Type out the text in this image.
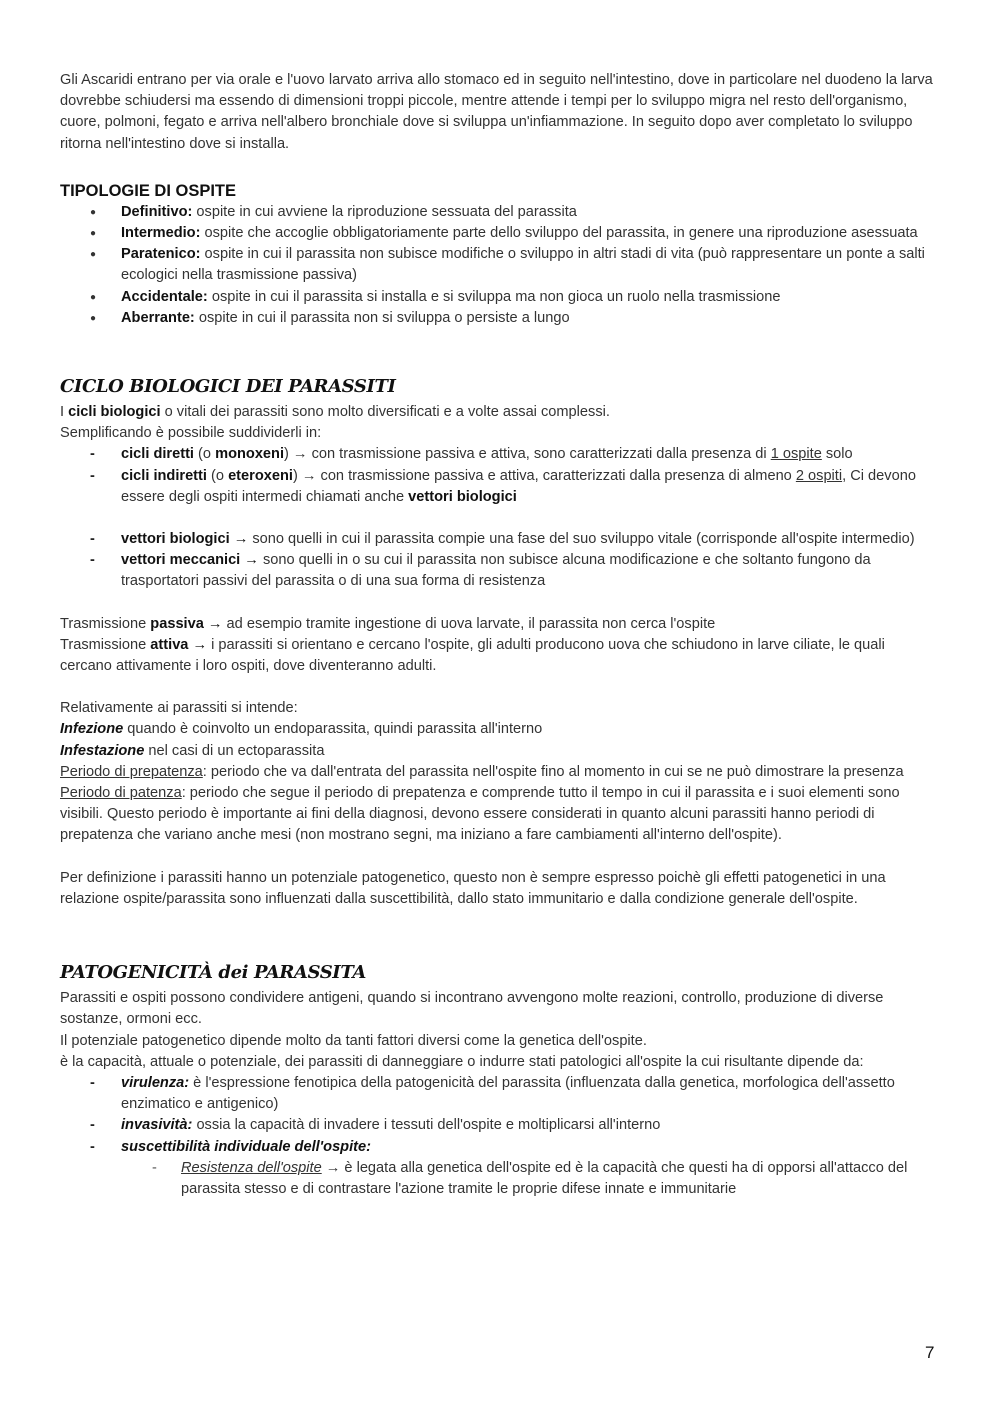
Gli Ascaridi entrano per via orale e l'uovo larvato arriva allo stomaco ed in seguito nell'intestino, dove in particolare nel duodeno la larva dovrebbe schiudersi ma essendo di dimensioni troppi piccole, mentre attende i tempi per lo sviluppo migra nel resto dell'organismo, cuore, polmoni, fegato e arriva nell'albero bronchiale dove si sviluppa un'infiammazione. In seguito dopo aver completato lo sviluppo ritorna nell'intestino dove si installa.

TIPOLOGIE DI OSPITE
● Definitivo: ospite in cui avviene la riproduzione sessuata del parassita
● Intermedio: ospite che accoglie obbligatoriamente parte dello sviluppo del parassita, in genere una riproduzione asessuata
● Paratenico: ospite in cui il parassita non subisce modifiche o sviluppo in altri stadi di vita (può rappresentare un ponte a salti ecologici nella trasmissione passiva)
● Accidentale: ospite in cui il parassita si installa e si sviluppa ma non gioca un ruolo nella trasmissione
● Aberrante: ospite in cui il parassita non si sviluppa o persiste a lungo
CICLO BIOLOGICI DEI PARASSITI

I cicli biologici o vitali dei parassiti sono molto diversificati e a volte assai complessi.

Semplificando è possibile suddividerli in:

- cicli diretti (o monoxeni) → con trasmissione passiva e attiva, sono caratterizzati dalla presenza di 1 ospite solo
- cicli indiretti (o eteroxeni) → con trasmissione passiva e attiva, caratterizzati dalla presenza di almeno 2 ospiti, Ci devono essere degli ospiti intermedi chiamati anche vettori biologici
- vettori biologici → sono quelli in cui il parassita compie una fase del suo sviluppo vitale (corrisponde all'ospite intermedio)
- vettori meccanici → sono quelli in o su cui il parassita non subisce alcuna modificazione e che soltanto fungono da trasportatori passivi del parassita o di una sua forma di resistenza

Trasmissione passiva → ad esempio tramite ingestione di uova larvate, il parassita non cerca l'ospite

Trasmissione attiva → i parassiti si orientano e cercano l'ospite, gli adulti producono uova che schiudono in larve ciliate, le quali cercano attivamente i loro ospiti, dove diventeranno adulti.

Relativamente ai parassiti si intende:

Infezione quando è coinvolto un endoparassita, quindi parassita all'interno

Infestazione nel casi di un ectoparassita

Periodo di prepatenza: periodo che va dall'entrata del parassita nell'ospite fino al momento in cui se ne può dimostrare la presenza

Periodo di patenza: periodo che segue il periodo di prepatenza e comprende tutto il tempo in cui il parassita e i suoi elementi sono visibili. Questo periodo è importante ai fini della diagnosi, devono essere considerati in quanto alcuni parassiti hanno periodi di prepatenza che variano anche mesi (non mostrano segni, ma iniziano a fare cambiamenti all'interno dell'ospite).

Per definizione i parassiti hanno un potenziale patogenetico, questo non è sempre espresso poichè gli effetti patogenetici in una relazione ospite/parassita sono influenzati dalla suscettibilità, dallo stato immunitario e dalla condizione generale dell'ospite.

PATOGENICITÀ dei PARASSITA

Parassiti e ospiti possono condividere antigeni, quando si incontrano avvengono molte reazioni, controllo, produzione di diverse sostanze, ormoni ecc.

Il potenziale patogenetico dipende molto da tanti fattori diversi come la genetica dell'ospite.

è la capacità, attuale o potenziale, dei parassiti di danneggiare o indurre stati patologici all'ospite la cui risultante dipende da:

- virulenza: è l'espressione fenotipica della patogenicità del parassita (influenzata dalla genetica, morfologica dell'assetto enzimatico e antigenico)
- invasività: ossia la capacità di invadere i tessuti dell'ospite e moltiplicarsi all'interno
- suscettibilità individuale dell'ospite:
- Resistenza dell'ospite → è legata alla genetica dell'ospite ed è la capacità che questi ha di opporsi all'attacco del parassita stesso e di contrastare l'azione tramite le proprie difese innate e immunitarie
7
